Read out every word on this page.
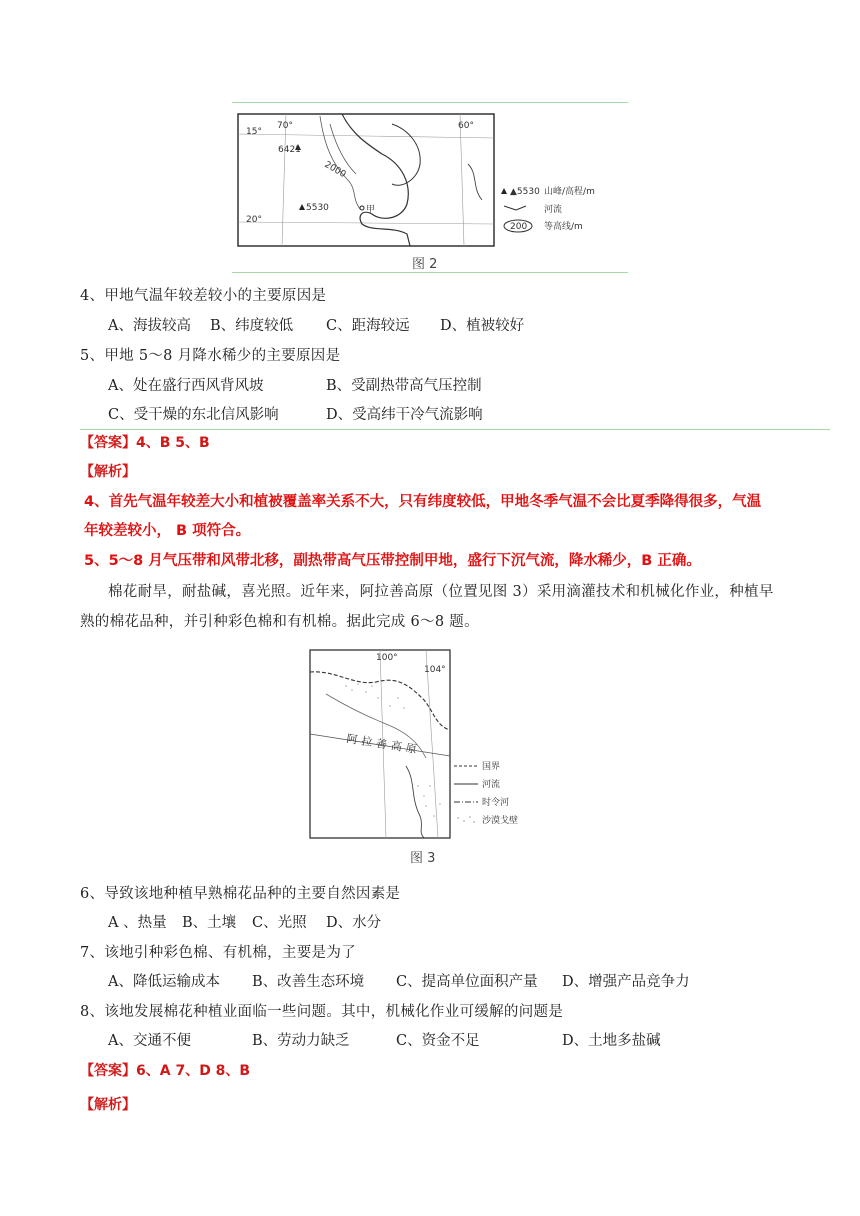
15°
20°
70°	60°
6421
5530
2000
甲
▲5530 山峰/高程/m
河流
200 等高线/m
图 2
4、甲地气温年较差较小的主要原因是
A、海拔较高 B、纬度较低 C、距海较远 D、植被较好
5、甲地 5～8 月降水稀少的主要原因是
A、处在盛行西风背风坡	B、受副热带高气压控制
C、受干燥的东北信风影响	D、受高纬干冷气流影响
【答案】4、B 5、B
【解析】
4、首先气温年较差大小和植被覆盖率关系不大，只有纬度较低，甲地冬季气温不会比夏季降得很多，气温
年较差较小， B 项符合。
5、5～8 月气压带和风带北移，副热带高气压带控制甲地，盛行下沉气流，降水稀少，B 正确。
棉花耐旱，耐盐碱，喜光照。近年来，阿拉善高原（位置见图 3）采用滴灌技术和机械化作业，种植早
熟的棉花品种，并引种彩色棉和有机棉。据此完成 6～8 题。
100°
104°
阿拉善高原
国界
河流
时令河
沙漠戈壁
图 3
6、导致该地种植早熟棉花品种的主要自然因素是
A 、热量 B、土壤 C、光照 D、水分
7、该地引种彩色棉、有机棉，主要是为了
A、降低运输成本 B、改善生态环境 C、提高单位面积产量 D、增强产品竞争力
8、该地发展棉花种植业面临一些问题。其中，机械化作业可缓解的问题是
A、交通不便	B、劳动力缺乏	C、资金不足	D、土地多盐碱
【答案】6、A 7、D 8、B
【解析】
